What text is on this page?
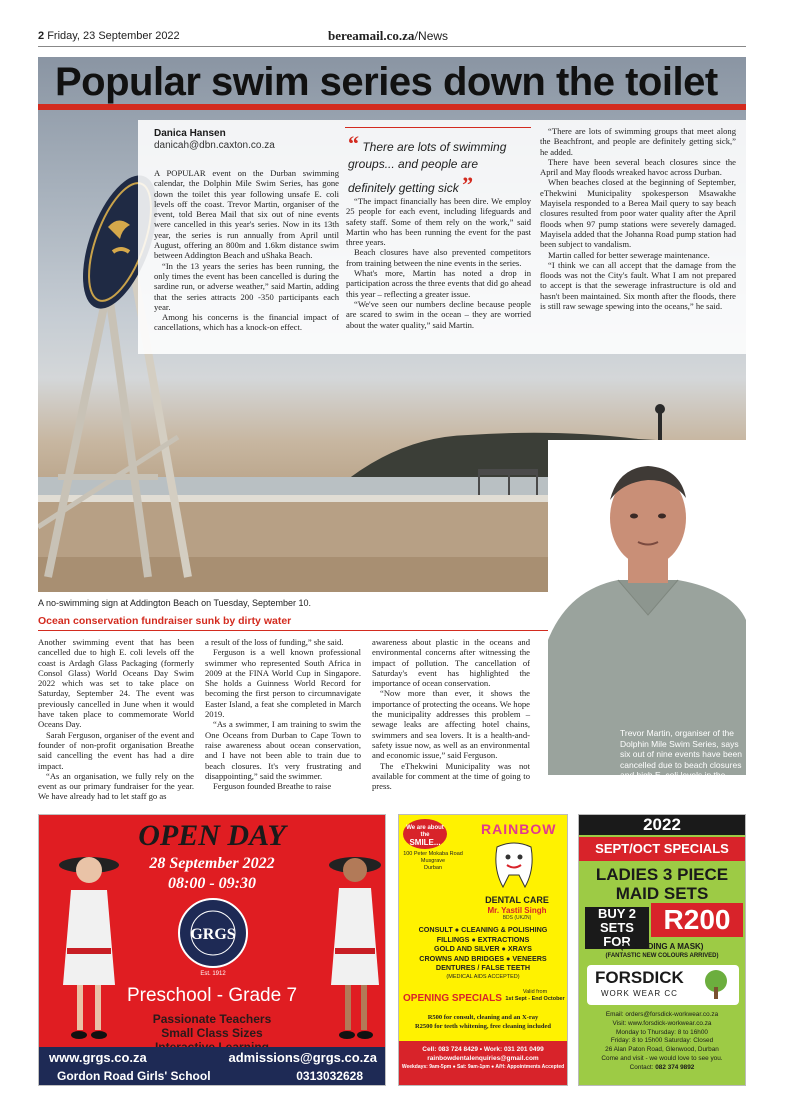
2 Friday, 23 September 2022	bereamail.co.za/News
Popular swim series down the toilet
Danica Hansen
danicah@dbn.caxton.co.za

A POPULAR event on the Durban swimming calendar, the Dolphin Mile Swim Series, has gone down the toilet this year following unsafe E. coli levels off the coast. Trevor Martin, organiser of the event, told Berea Mail that six out of nine events were cancelled in this year's series. Now in its 13th year, the series is run annually from April until August, offering an 800m and 1.6km distance swim between Addington Beach and uShaka Beach.

“In the 13 years the series has been running, the only times the event has been cancelled is during the sardine run, or adverse weather,” said Martin, adding that the series attracts 200 -350 participants each year.

Among his concerns is the financial impact of cancellations, which has a knock-on effect.

“ There are lots of swimming groups... and people are definitely getting sick ”

“The impact financially has been dire. We employ 25 people for each event, including lifeguards and safety staff. Some of them rely on the work,” said Martin who has been running the event for the past three years.

Beach closures have also prevented competitors from training between the nine events in the series.

What's more, Martin has noted a drop in participation across the three events that did go ahead this year – reflecting a greater issue.

“We've seen our numbers decline because people are scared to swim in the ocean – they are worried about the water quality,” said Martin.

“There are lots of swimming groups that meet along the Beachfront, and people are definitely getting sick,” he added.

There have been several beach closures since the April and May floods wreaked havoc across Durban.

When beaches closed at the beginning of September, eThekwini Municipality spokesperson Msawakhe Mayisela responded to a Berea Mail query to say beach closures resulted from poor water quality after the April floods when 97 pump stations were severely damaged. Mayisela added that the Johanna Road pump station had been subject to vandalism.

Martin called for better sewerage maintenance.

“I think we can all accept that the damage from the floods was not the City's fault. What I am not prepared to accept is that the sewerage infrastructure is old and hasn't been maintained. Six month after the floods, there is still raw sewage spewing into the oceans,” he said.

A no-swimming sign at Addington Beach on Tuesday, September 10.
Ocean conservation fundraiser sunk by dirty water

Another swimming event that has been cancelled due to high E. coli levels off the coast is Ardagh Glass Packaging (formerly Consol Glass) World Oceans Day Swim 2022 which was set to take place on Saturday, September 24. The event was previously cancelled in June when it would have taken place to commemorate World Oceans Day.

Sarah Ferguson, organiser of the event and founder of non-profit organisation Breathe said cancelling the event has had a dire impact.

“As an organisation, we fully rely on the event as our primary fundraiser for the year. We have already had to let staff go as

a result of the loss of funding,” she said.

Ferguson is a well known professional swimmer who represented South Africa in 2009 at the FINA World Cup in Singapore. She holds a Guinness World Record for becoming the first person to circumnavigate Easter Island, a feat she completed in March 2019.

“As a swimmer, I am training to swim the One Oceans from Durban to Cape Town to raise awareness about ocean conservation, and I have not been able to train due to beach closures. It's very frustrating and disappointing,” said the swimmer.

Ferguson founded Breathe to raise

awareness about plastic in the oceans and environmental concerns after witnessing the impact of pollution. The cancellation of Saturday's event has highlighted the importance of ocean conservation.

“Now more than ever, it shows the importance of protecting the oceans. We hope the municipality addresses this problem – sewage leaks are affecting hotel chains, swimmers and sea lovers. It is a health-and-safety issue now, as well as an environmental and economic issue,” said Ferguson.

The eThekwini Municipality was not available for comment at the time of going to press.

Trevor Martin, organiser of the Dolphin Mile Swim Series, says six out of nine events have been cancelled due to beach closures and high E. coli levels in the water.
OPEN DAY
28 September 2022
08:00 - 09:30
GRGS
Est. 1912
Preschool - Grade 7
Passionate Teachers
Small Class Sizes
www.grgs.co.za	admissions@grgs.co.za
Gordon Road Girls' School	0313032628
We are about the
SMILE...
100 Peter Mokaba Road
Musgrave
Durban
RAINBOW
DENTAL CARE
Mr. Yastil Singh
BDS (UKZN)
CONSULT ● CLEANING & POLISHING
FILLINGS ● EXTRACTIONS
GOLD AND SILVER ● XRAYS
CROWNS AND BRIDGES ● VENEERS
DENTURES / FALSE TEETH
(MEDICAL AIDS ACCEPTED)
OPENING SPECIALS
Valid from
1st Sept - End October
R500 for consult, cleaning and an X-ray
R2500 for teeth whitening, free cleaning included
Cell: 083 724 8429 • Work: 031 201 0499
rainbowdentalenquiries@gmail.com
Weekdays: 9am-5pm ● Sat: 9am-1pm ● A/H: Appointments Accepted
2022
SEPT/OCT SPECIALS
LADIES 3 PIECE
MAID SETS
BUY 2
SETS FOR
R200
(INCLUDING A MASK)
(FANTASTIC NEW COLOURS ARRIVED)
FORSDICK
WORK WEAR CC
Email: orders@forsdick-workwear.co.za
Visit: www.forsdick-workwear.co.za
Monday to Thursday: 8 to 16h00
Friday: 8 to 15h00 Saturday: Closed
26 Alan Paton Road, Glenwood, Durban
Come and visit - we would love to see you.
Contact: 082 374 9892
